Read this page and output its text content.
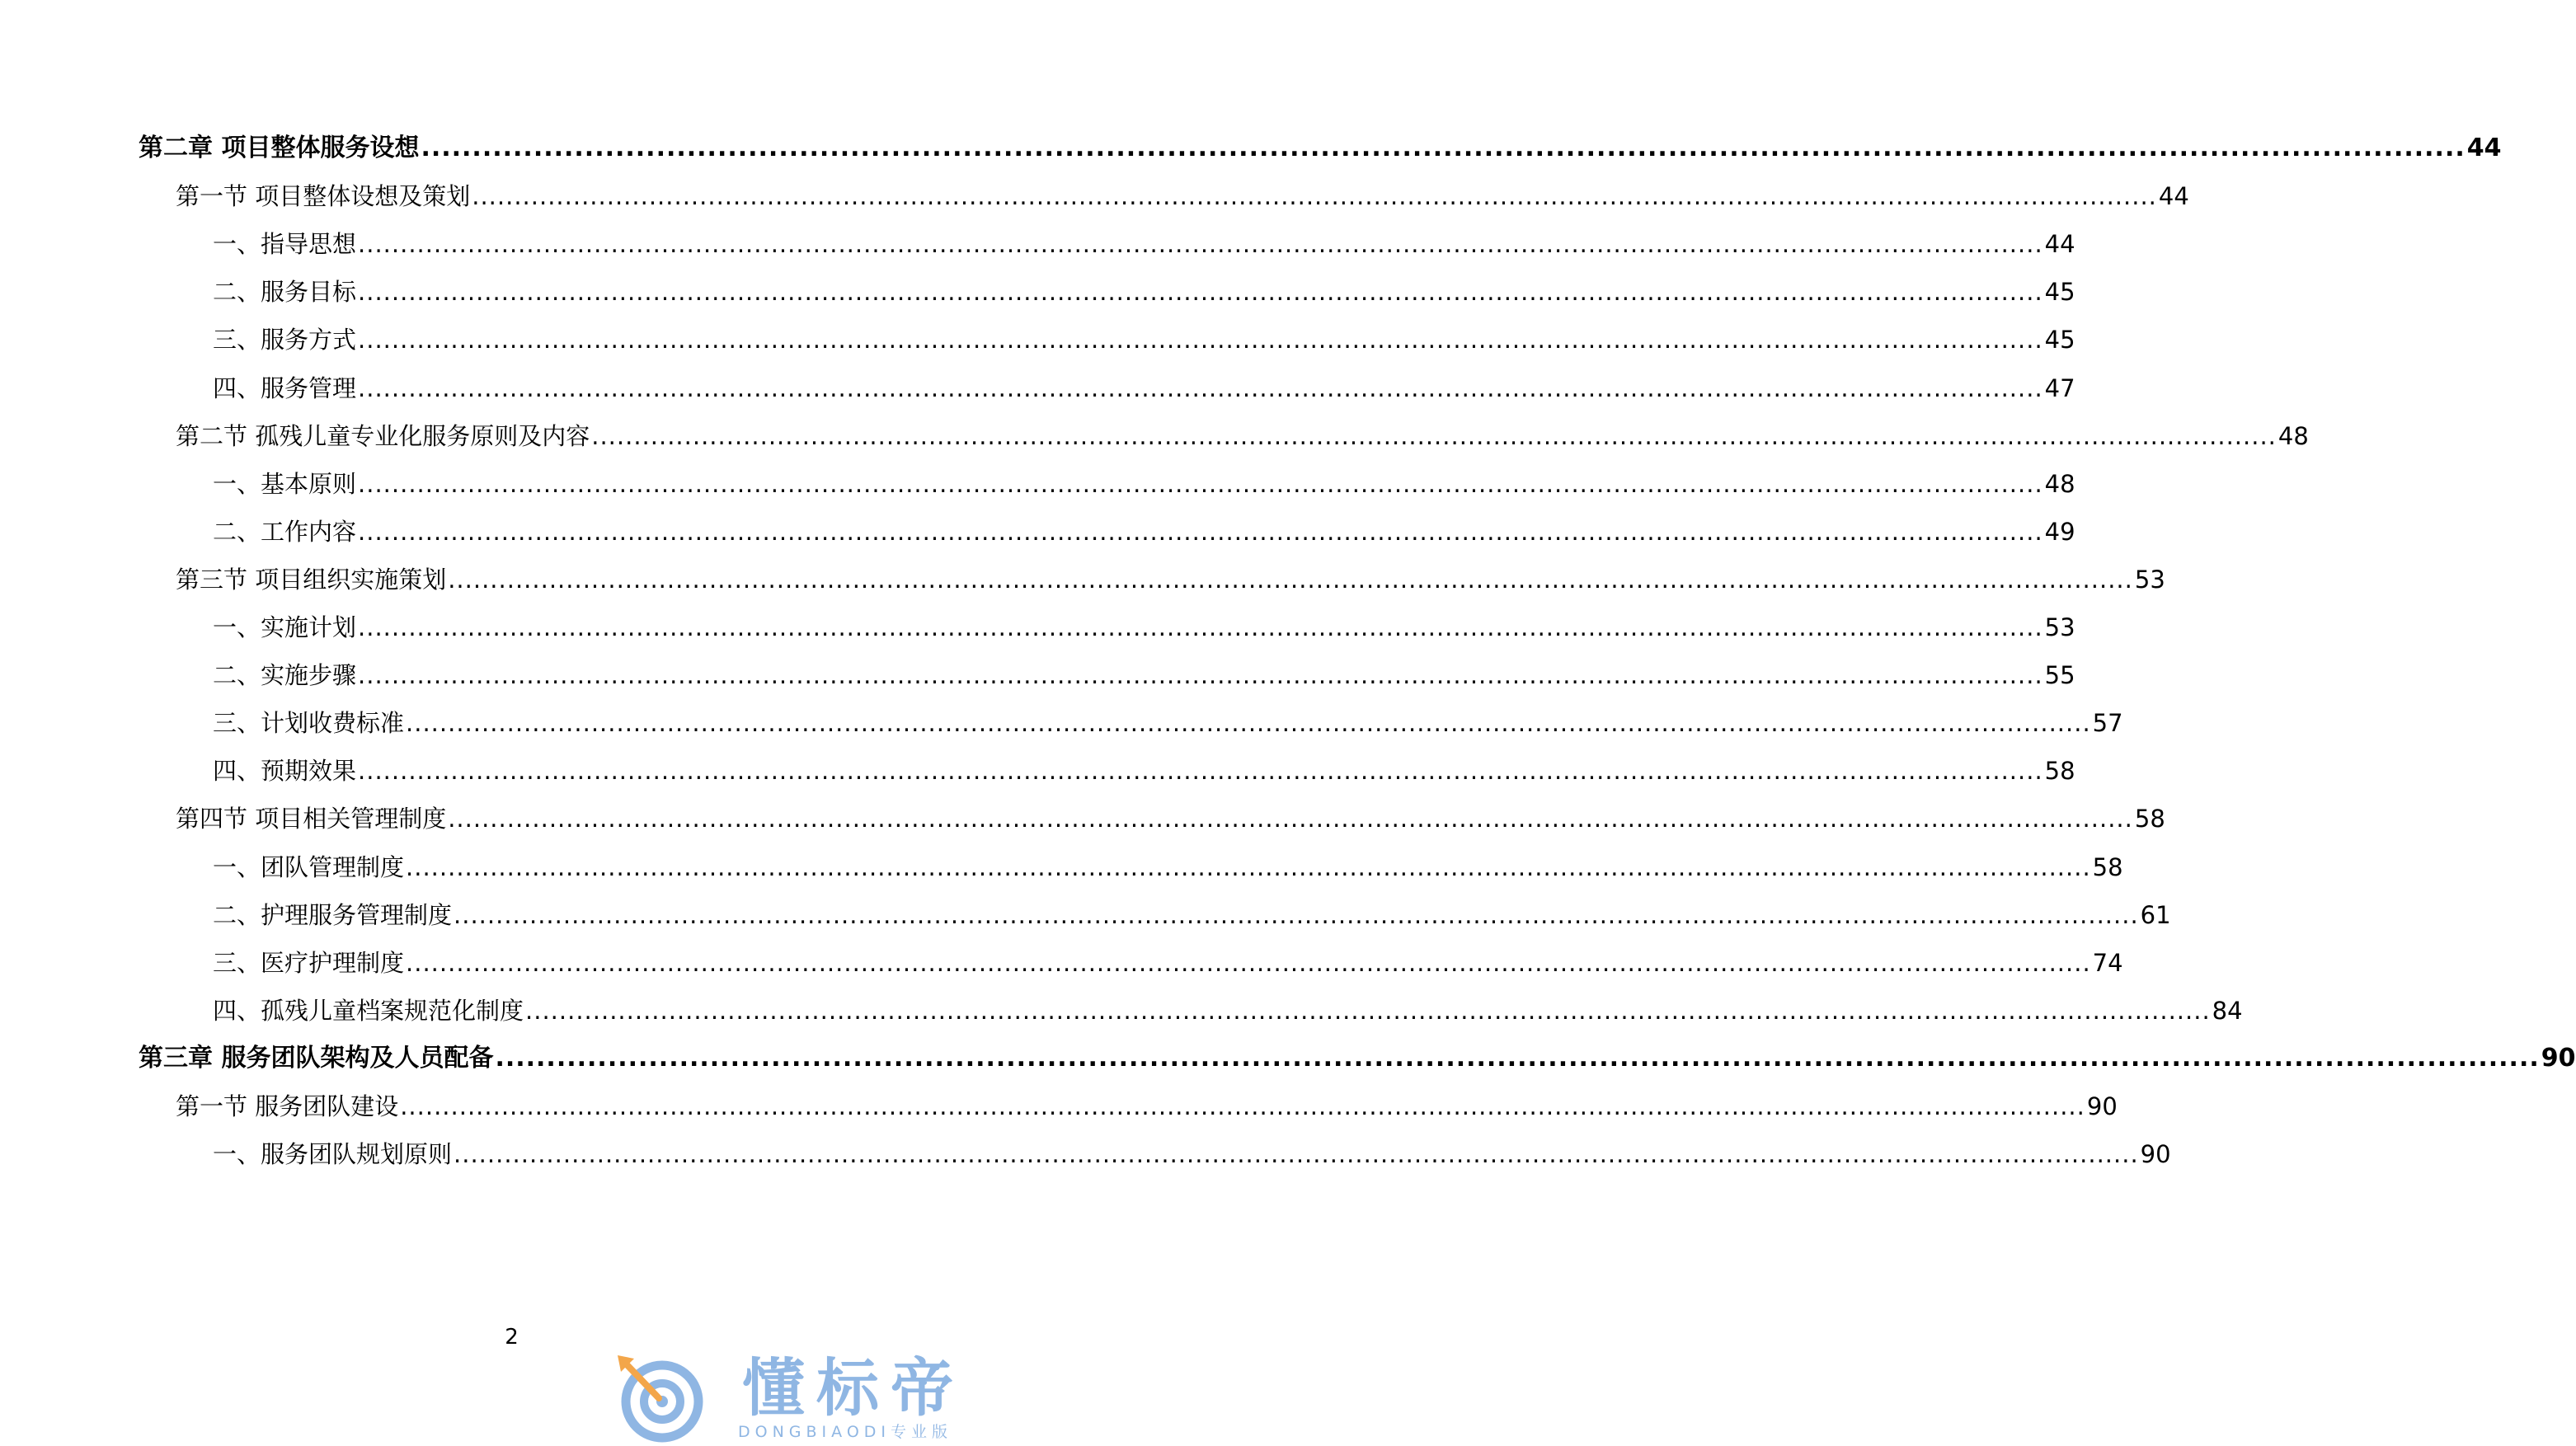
第二章 项目整体服务设想 ........................................................................................................................................................................................................ 44
第一节 项目整体设想及策划 ........................................................................................................................................................................................................ 44
一、指导思想 ........................................................................................................................................................................................................ 44
二、服务目标 ........................................................................................................................................................................................................ 45
三、服务方式 ........................................................................................................................................................................................................ 45
四、服务管理 ........................................................................................................................................................................................................ 47
第二节 孤残儿童专业化服务原则及内容 ........................................................................................................................................................................................................ 48
一、基本原则 ........................................................................................................................................................................................................ 48
二、工作内容 ........................................................................................................................................................................................................ 49
第三节 项目组织实施策划 ........................................................................................................................................................................................................ 53
一、实施计划 ........................................................................................................................................................................................................ 53
二、实施步骤 ........................................................................................................................................................................................................ 55
三、计划收费标准 ........................................................................................................................................................................................................ 57
四、预期效果 ........................................................................................................................................................................................................ 58
第四节 项目相关管理制度 ........................................................................................................................................................................................................ 58
一、团队管理制度 ........................................................................................................................................................................................................ 58
二、护理服务管理制度 ........................................................................................................................................................................................................ 61
三、医疗护理制度 ........................................................................................................................................................................................................ 74
四、孤残儿童档案规范化制度 ........................................................................................................................................................................................................ 84
第三章 服务团队架构及人员配备 ........................................................................................................................................................................................................ 90
第一节 服务团队建设 ........................................................................................................................................................................................................ 90
一、服务团队规划原则 ........................................................................................................................................................................................................ 90
2
懂标帝
DONGBIAODI专业版
